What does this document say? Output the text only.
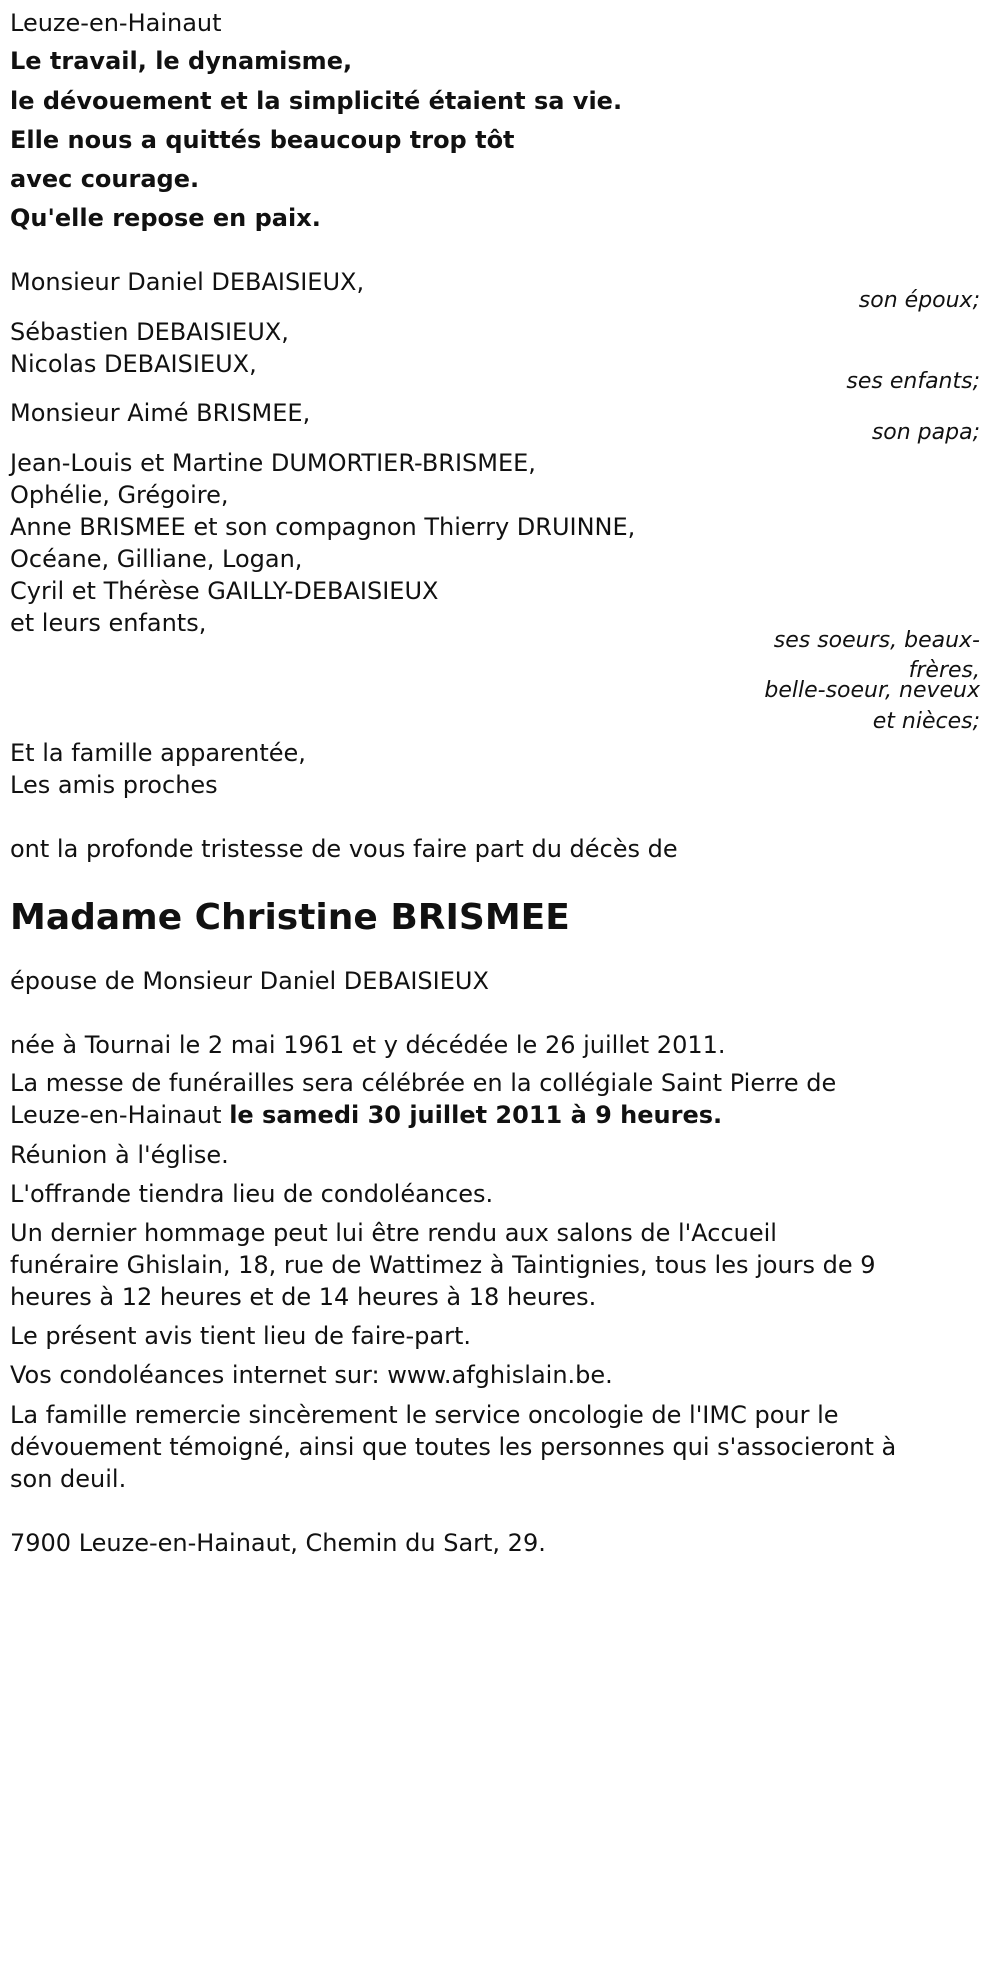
Leuze-en-Hainaut
Le travail, le dynamisme,
le dévouement et la simplicité étaient sa vie.
Elle nous a quittés beaucoup trop tôt
avec courage.
Qu'elle repose en paix.
Monsieur Daniel DEBAISIEUX,
son époux;
Sébastien DEBAISIEUX,
Nicolas DEBAISIEUX,
ses enfants;
Monsieur Aimé BRISMEE,
son papa;
Jean-Louis et Martine DUMORTIER-BRISMEE,
Ophélie, Grégoire,
Anne BRISMEE et son compagnon Thierry DRUINNE,
Océane, Gilliane, Logan,
Cyril et Thérèse GAILLY-DEBAISIEUX
et leurs enfants,
ses soeurs, beaux-
frères,
belle-soeur, neveux
et nièces;
Et la famille apparentée,
Les amis proches
ont la profonde tristesse de vous faire part du décès de
Madame Christine BRISMEE
épouse de Monsieur Daniel DEBAISIEUX
née à Tournai le 2 mai 1961 et y décédée le 26 juillet 2011.
La messe de funérailles sera célébrée en la collégiale Saint Pierre de
Leuze-en-Hainaut le samedi 30 juillet 2011 à 9 heures.
Réunion à l'église.
L'offrande tiendra lieu de condoléances.
Un dernier hommage peut lui être rendu aux salons de l'Accueil
funéraire Ghislain, 18, rue de Wattimez à Taintignies, tous les jours de 9
heures à 12 heures et de 14 heures à 18 heures.
Le présent avis tient lieu de faire-part.
Vos condoléances internet sur: www.afghislain.be.
La famille remercie sincèrement le service oncologie de l'IMC pour le
dévouement témoigné, ainsi que toutes les personnes qui s'associeront à
son deuil.
7900 Leuze-en-Hainaut, Chemin du Sart, 29.
